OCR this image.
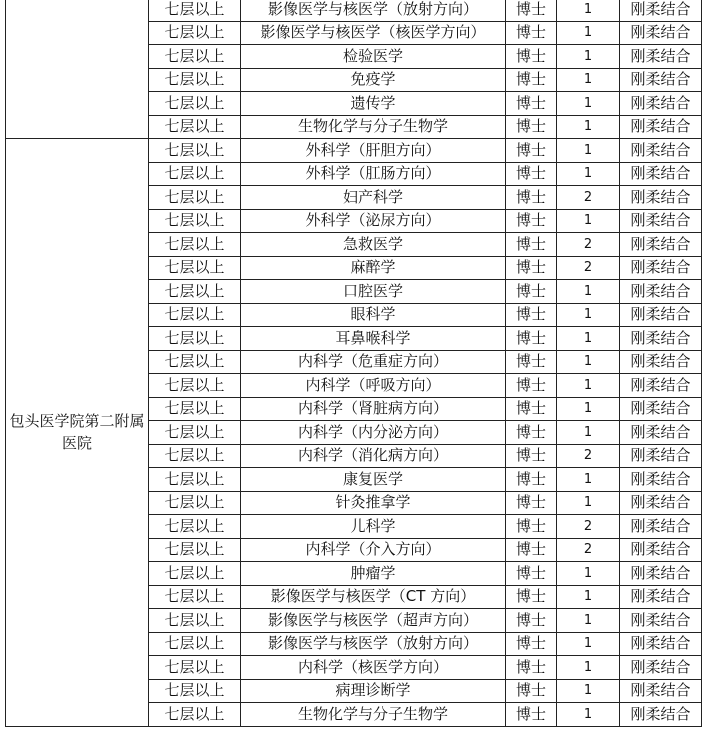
	七层以上	影像医学与核医学（放射方向）	博士	1	刚柔结合
	七层以上	影像医学与核医学（核医学方向）	博士	1	刚柔结合
	七层以上	检验医学	博士	1	刚柔结合
	七层以上	免疫学	博士	1	刚柔结合
	七层以上	遗传学	博士	1	刚柔结合
	七层以上	生物化学与分子生物学	博士	1	刚柔结合
包头医学院第二附属医院	七层以上	外科学（肝胆方向）	博士	1	刚柔结合
	七层以上	外科学（肛肠方向）	博士	1	刚柔结合
	七层以上	妇产科学	博士	2	刚柔结合
	七层以上	外科学（泌尿方向）	博士	1	刚柔结合
	七层以上	急救医学	博士	2	刚柔结合
	七层以上	麻醉学	博士	2	刚柔结合
	七层以上	口腔医学	博士	1	刚柔结合
	七层以上	眼科学	博士	1	刚柔结合
	七层以上	耳鼻喉科学	博士	1	刚柔结合
	七层以上	内科学（危重症方向）	博士	1	刚柔结合
	七层以上	内科学（呼吸方向）	博士	1	刚柔结合
	七层以上	内科学（肾脏病方向）	博士	1	刚柔结合
	七层以上	内科学（内分泌方向）	博士	1	刚柔结合
	七层以上	内科学（消化病方向）	博士	2	刚柔结合
	七层以上	康复医学	博士	1	刚柔结合
	七层以上	针灸推拿学	博士	1	刚柔结合
	七层以上	儿科学	博士	2	刚柔结合
	七层以上	内科学（介入方向）	博士	2	刚柔结合
	七层以上	肿瘤学	博士	1	刚柔结合
	七层以上	影像医学与核医学（CT 方向）	博士	1	刚柔结合
	七层以上	影像医学与核医学（超声方向）	博士	1	刚柔结合
	七层以上	影像医学与核医学（放射方向）	博士	1	刚柔结合
	七层以上	内科学（核医学方向）	博士	1	刚柔结合
	七层以上	病理诊断学	博士	1	刚柔结合
	七层以上	生物化学与分子生物学	博士	1	刚柔结合
